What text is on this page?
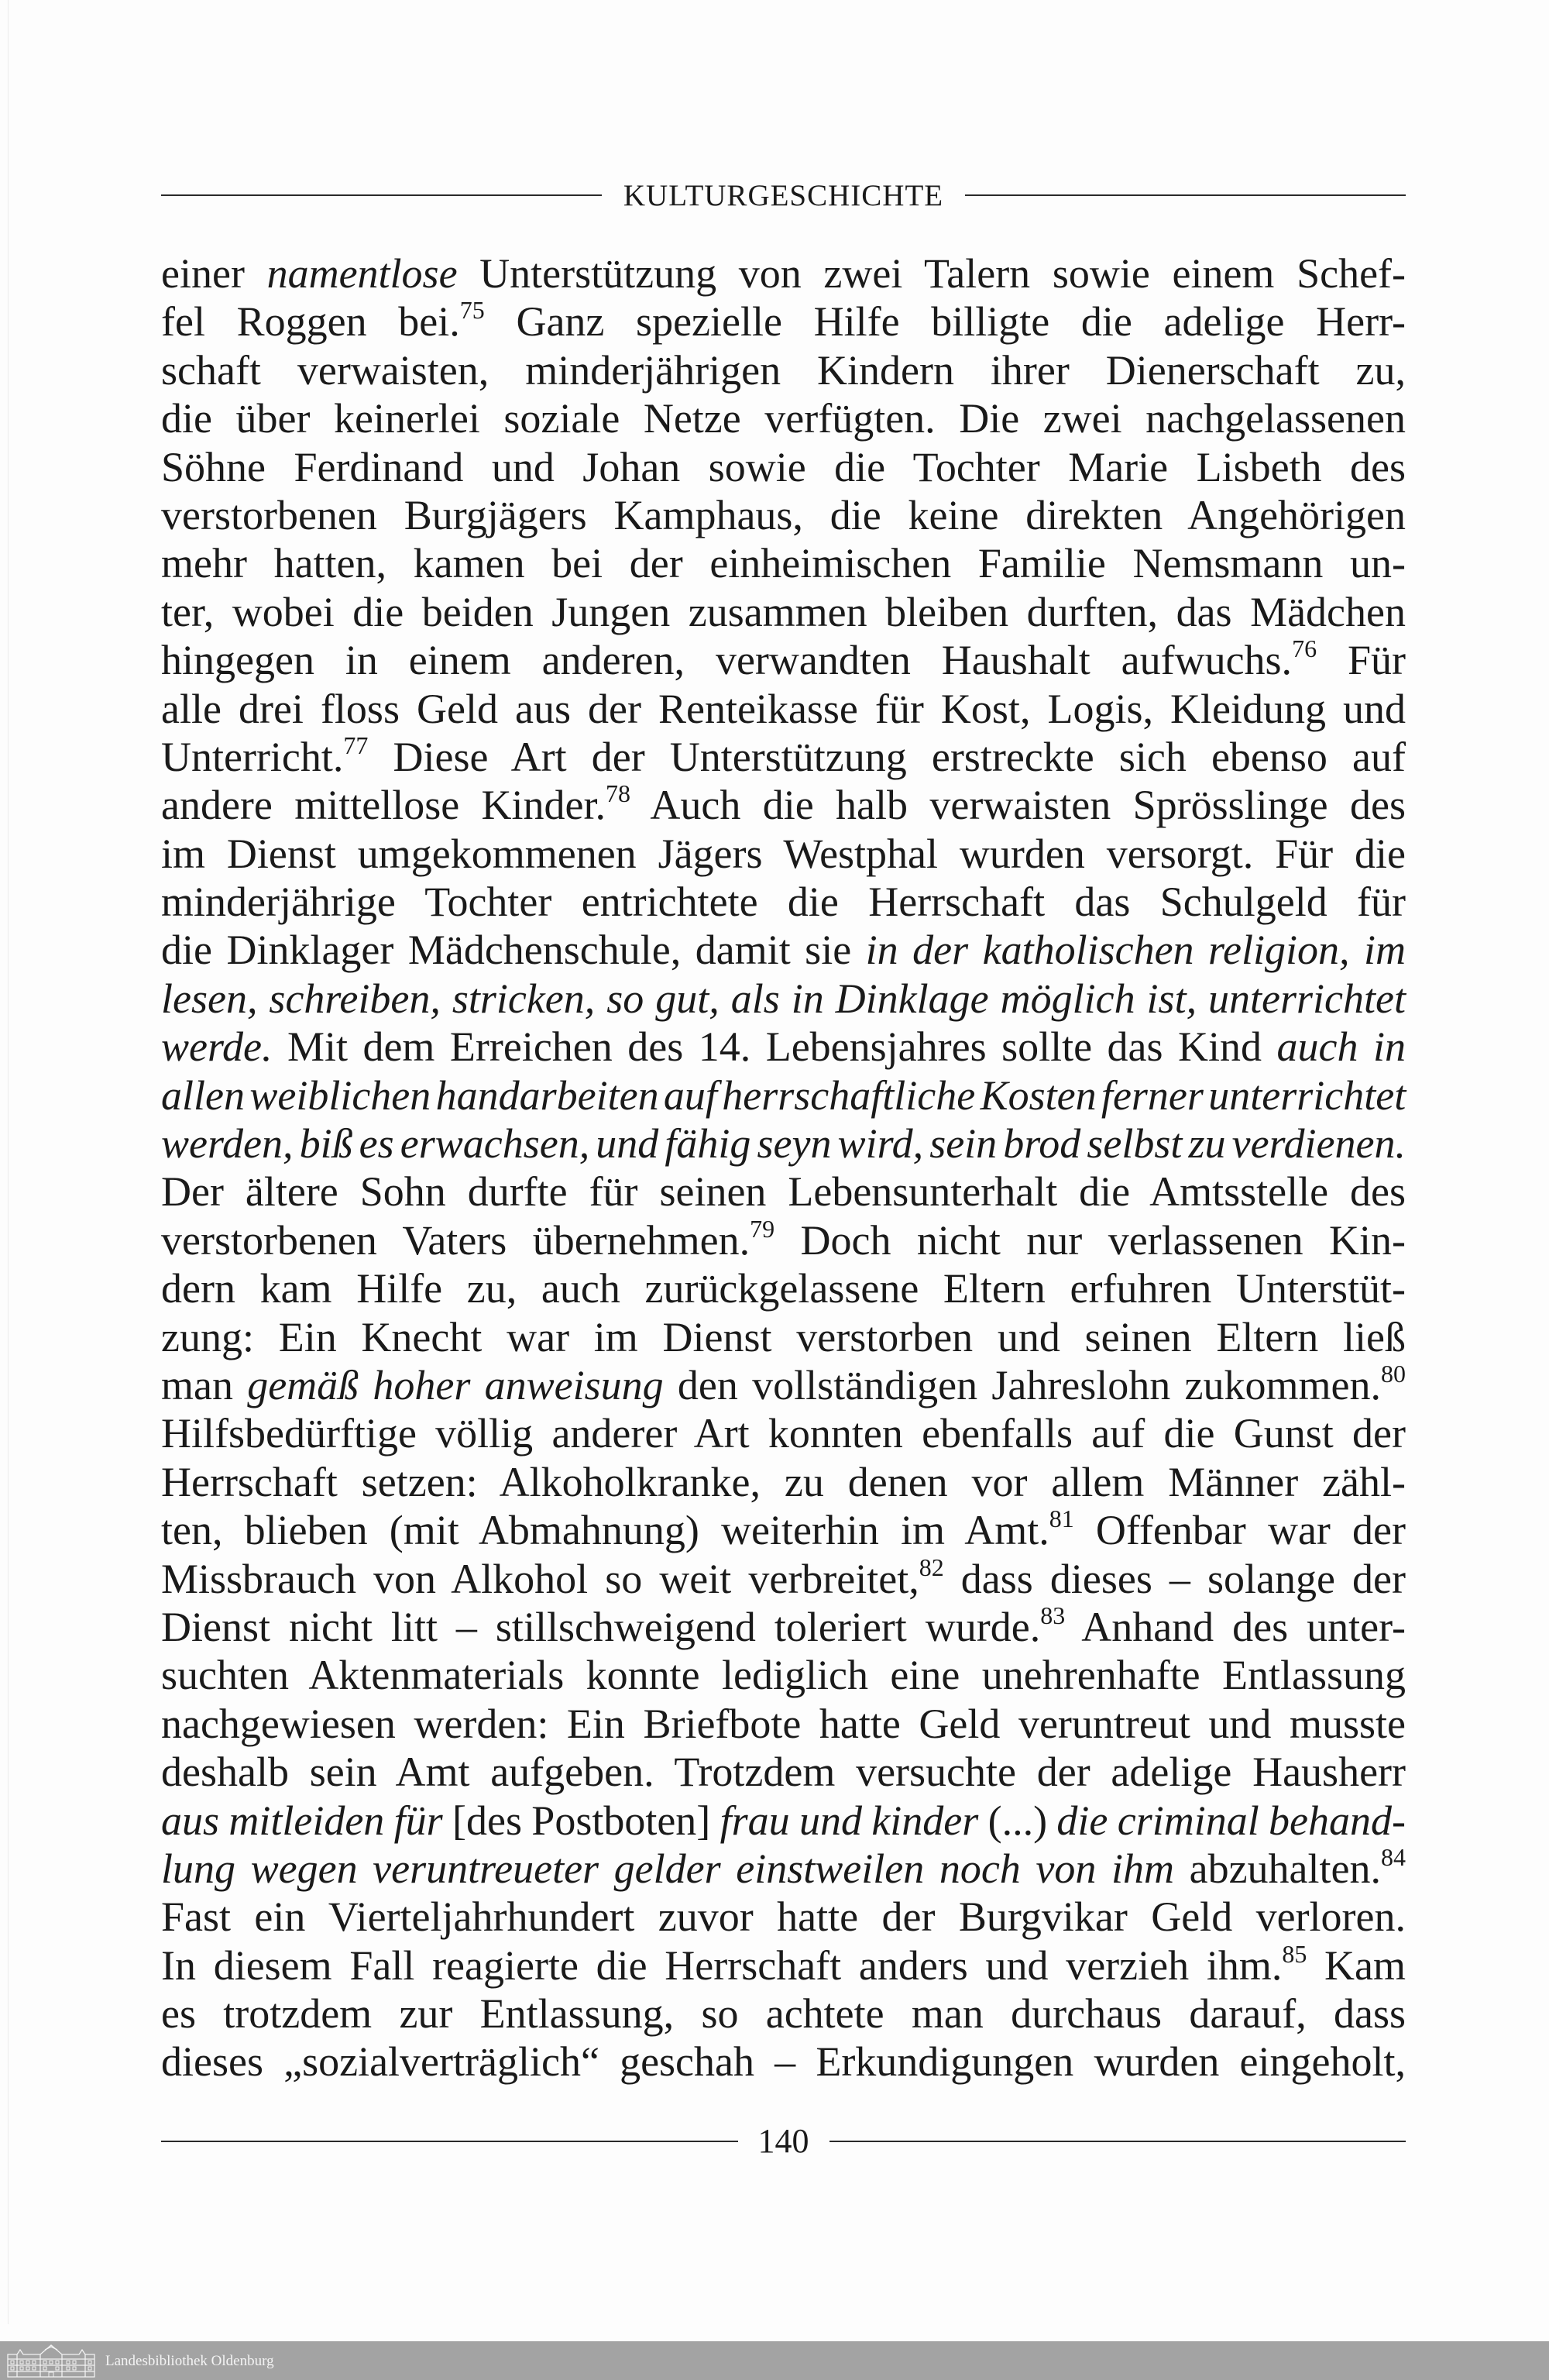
KULTURGESCHICHTE
einer namentlose Unterstützung von zwei Talern sowie einem Schef-
fel Roggen bei.$^{75}$ Ganz spezielle Hilfe billigte die adelige Herr-
schaft verwaisten, minderjährigen Kindern ihrer Dienerschaft zu,
die über keinerlei soziale Netze verfügten. Die zwei nachgelassenen
Söhne Ferdinand und Johan sowie die Tochter Marie Lisbeth des
verstorbenen Burgjägers Kamphaus, die keine direkten Angehörigen
mehr hatten, kamen bei der einheimischen Familie Nemsmann un-
ter, wobei die beiden Jungen zusammen bleiben durften, das Mädchen
hingegen in einem anderen, verwandten Haushalt aufwuchs.$^{76}$ Für
alle drei floss Geld aus der Renteikasse für Kost, Logis, Kleidung und
Unterricht.$^{77}$ Diese Art der Unterstützung erstreckte sich ebenso auf
andere mittellose Kinder.$^{78}$ Auch die halb verwaisten Sprösslinge des
im Dienst umgekommenen Jägers Westphal wurden versorgt. Für die
minderjährige Tochter entrichtete die Herrschaft das Schulgeld für
die Dinklager Mädchenschule, damit sie in der katholischen religion, im
lesen, schreiben, stricken, so gut, als in Dinklage möglich ist, unterrichtet
werde. Mit dem Erreichen des 14. Lebensjahres sollte das Kind auch in
allen weiblichen handarbeiten auf herrschaftliche Kosten ferner unterrichtet
werden, biß es erwachsen, und fähig seyn wird, sein brod selbst zu verdienen.
Der ältere Sohn durfte für seinen Lebensunterhalt die Amtsstelle des
verstorbenen Vaters übernehmen.$^{79}$ Doch nicht nur verlassenen Kin-
dern kam Hilfe zu, auch zurückgelassene Eltern erfuhren Unterstüt-
zung: Ein Knecht war im Dienst verstorben und seinen Eltern ließ
man gemäß hoher anweisung den vollständigen Jahreslohn zukommen.$^{80}$
Hilfsbedürftige völlig anderer Art konnten ebenfalls auf die Gunst der
Herrschaft setzen: Alkoholkranke, zu denen vor allem Männer zähl-
ten, blieben (mit Abmahnung) weiterhin im Amt.$^{81}$ Offenbar war der
Missbrauch von Alkohol so weit verbreitet,$^{82}$ dass dieses – solange der
Dienst nicht litt – stillschweigend toleriert wurde.$^{83}$ Anhand des unter-
suchten Aktenmaterials konnte lediglich eine unehrenhafte Entlassung
nachgewiesen werden: Ein Briefbote hatte Geld veruntreut und musste
deshalb sein Amt aufgeben. Trotzdem versuchte der adelige Hausherr
aus mitleiden für [des Postboten] frau und kinder (...) die criminal behand-
lung wegen veruntreueter gelder einstweilen noch von ihm abzuhalten.$^{84}$
Fast ein Vierteljahrhundert zuvor hatte der Burgvikar Geld verloren.
In diesem Fall reagierte die Herrschaft anders und verzieh ihm.$^{85}$ Kam
es trotzdem zur Entlassung, so achtete man durchaus darauf, dass
dieses „sozialverträglich“ geschah – Erkundigungen wurden eingeholt,
140
Landesbibliothek Oldenburg
